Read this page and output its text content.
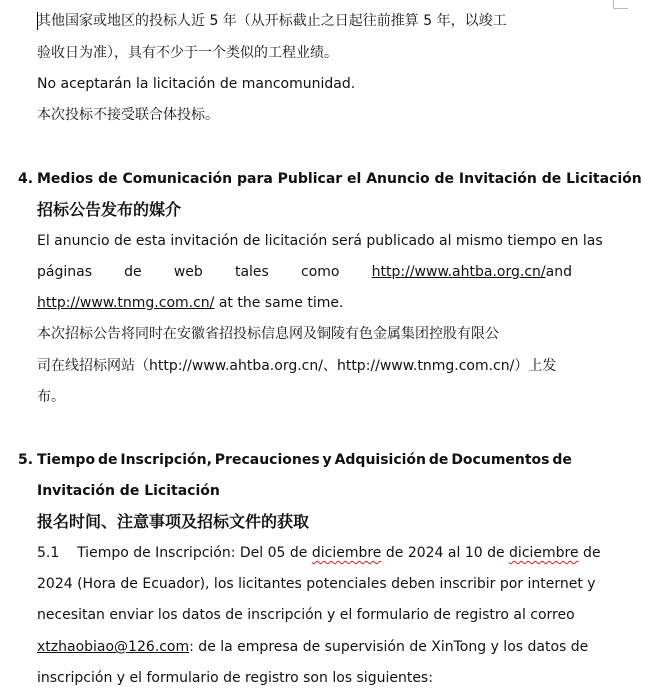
其他国家或地区的投标人近 5 年（从开标截止之日起往前推算 5 年，以竣工
验收日为准），具有不少于一个类似的工程业绩。
No aceptarán la licitación de mancomunidad.
本次投标不接受联合体投标。
4. Medios de Comunicación para Publicar el Anuncio de Invitación de Licitación
招标公告发布的媒介
El anuncio de esta invitación de licitación será publicado al mismo tiempo en las
páginas de web tales como http://www.ahtba.org.cn/and
http://www.tnmg.com.cn/ at the same time.
本次招标公告将同时在安徽省招投标信息网及铜陵有色金属集团控股有限公
司在线招标网站（http://www.ahtba.org.cn/、http://www.tnmg.com.cn/）上发
布。
5. Tiempo de Inscripción, Precauciones y Adquisición de Documentos de
Invitación de Licitación
报名时间、注意事项及招标文件的获取
5.1    Tiempo de Inscripción: Del 05 de diciembre de 2024 al 10 de diciembre de
2024 (Hora de Ecuador), los licitantes potenciales deben inscribir por internet y
necesitan enviar los datos de inscripción y el formulario de registro al correo
xtzhaobiao@126.com: de la empresa de supervisión de XinTong y los datos de
inscripción y el formulario de registro son los siguientes:
